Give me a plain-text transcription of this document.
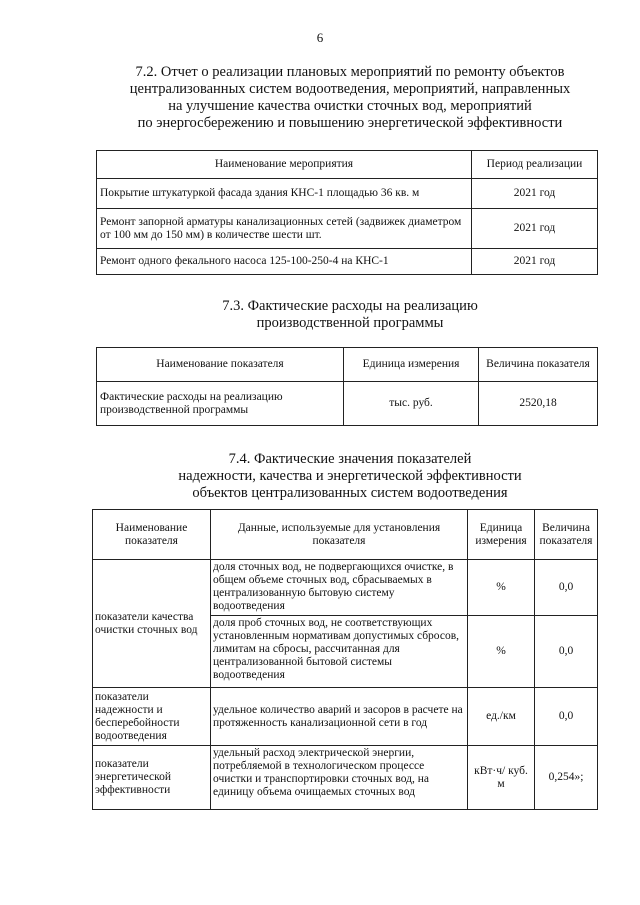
6
7.2. Отчет о реализации плановых мероприятий по ремонту объектов
централизованных систем водоотведения, мероприятий, направленных
на улучшение качества очистки сточных вод, мероприятий
по энергосбережению и повышению энергетической эффективности
Наименование мероприятия	Период реализации
Покрытие штукатуркой фасада здания КНС-1 площадью 36 кв. м	2021 год
Ремонт запорной арматуры канализационных сетей (задвижек диаметром от 100 мм до 150 мм) в количестве шести шт.	2021 год
Ремонт одного фекального насоса 125-100-250-4 на КНС-1	2021 год
7.3. Фактические расходы на реализацию
производственной программы
Наименование показателя	Единица измерения	Величина показателя
Фактические расходы на реализацию производственной программы	тыс. руб.	2520,18
7.4. Фактические значения показателей
надежности, качества и энергетической эффективности
объектов централизованных систем водоотведения
Наименование показателя	Данные, используемые для установления показателя	Единица измерения	Величина показателя
показатели качества очистки сточных вод	доля сточных вод, не подвергающихся очистке, в общем объеме сточных вод, сбрасываемых в централизованную бытовую систему водоотведения	%	0,0
	доля проб сточных вод, не соответствующих установленным нормативам допустимых сбросов, лимитам на сбросы, рассчитанная для централизованной бытовой системы водоотведения	%	0,0
показатели надежности и бесперебойности водоотведения	удельное количество аварий и засоров в расчете на протяженность канализационной сети в год	ед./км	0,0
показатели энергетической эффективности	удельный расход электрической энергии, потребляемой в технологическом процессе очистки и транспортировки сточных вод, на единицу объема очищаемых сточных вод	кВт·ч/ куб. м	0,254»;
